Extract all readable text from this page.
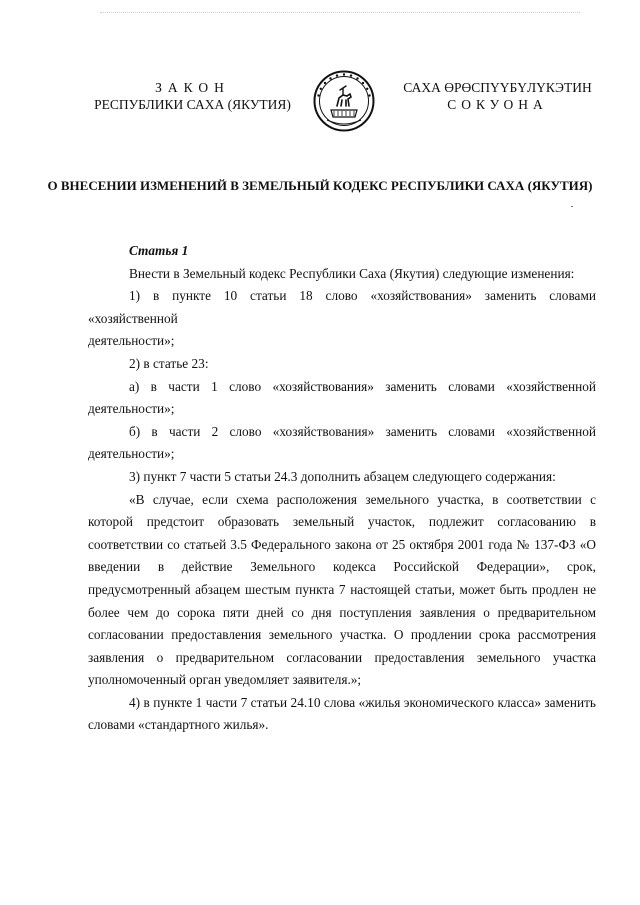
ЗАКОН
РЕСПУБЛИКИ САХА (ЯКУТИЯ)
САХА ӨРӨСПҮҮБҮЛҮКЭТИН
СОКУОНА
О ВНЕСЕНИИ ИЗМЕНЕНИЙ В ЗЕМЕЛЬНЫЙ КОДЕКС РЕСПУБЛИКИ САХА (ЯКУТИЯ)

Статья 1

Внести в Земельный кодекс Республики Саха (Якутия) следующие изменения:

1) в пункте 10 статьи 18 слово «хозяйствования» заменить словами «хозяйственной

деятельности»;

2) в статье 23:

а) в части 1 слово «хозяйствования» заменить словами «хозяйственной

деятельности»;

б) в части 2 слово «хозяйствования» заменить словами «хозяйственной

деятельности»;

3) пункт 7 части 5 статьи 24.3 дополнить абзацем следующего содержания:

«В случае, если схема расположения земельного участка, в соответствии с которой предстоит образовать земельный участок, подлежит согласованию в соответствии со статьей 3.5 Федерального закона от 25 октября 2001 года № 137-ФЗ «О введении в действие Земельного кодекса Российской Федерации», срок, предусмотренный абзацем шестым пункта 7 настоящей статьи, может быть продлен не более чем до сорока пяти дней со дня поступления заявления о предварительном согласовании предоставления земельного участка. О продлении срока рассмотрения заявления о предварительном согласовании предоставления земельного участка уполномоченный орган уведомляет заявителя.»;

4) в пункте 1 части 7 статьи 24.10 слова «жилья экономического класса» заменить

словами «стандартного жилья».
